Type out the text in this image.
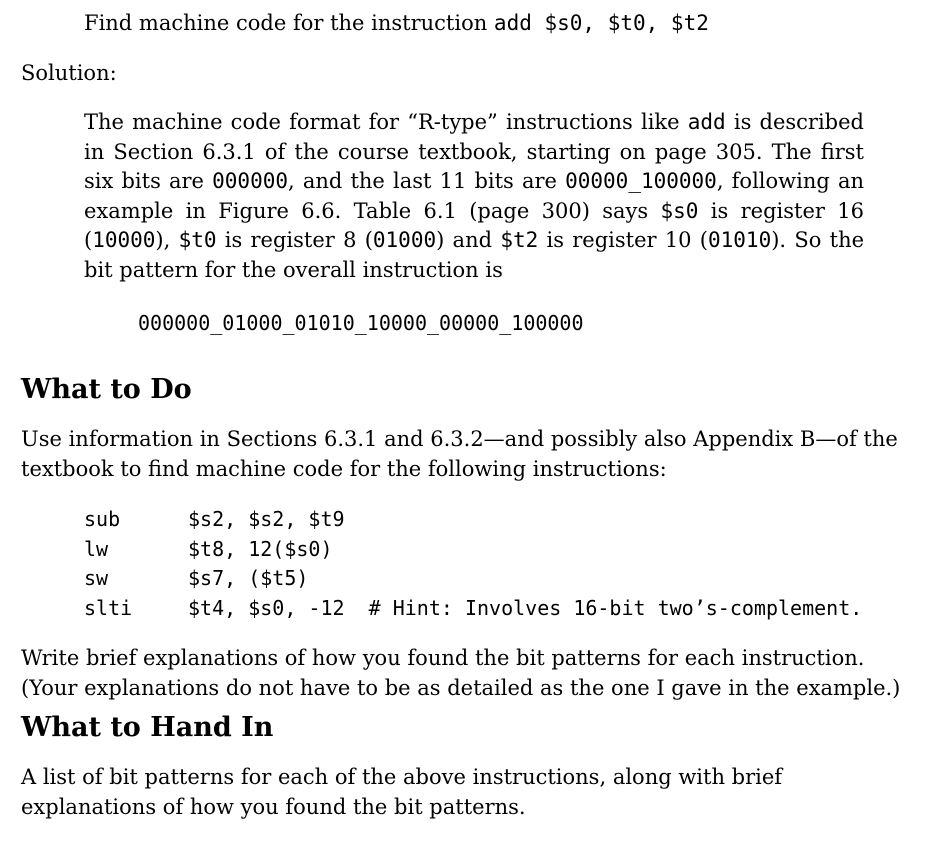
Find machine code for the instruction add $s0, $t0, $t2
Solution:

The machine code format for “R-type” instructions like add is described in Section 6.3.1 of the course textbook, starting on page 305. The first six bits are 000000, and the last 11 bits are 00000_100000, following an example in Figure 6.6. Table 6.1 (page 300) says $s0 is register 16 (10000), $t0 is register 8 (01000) and $t2 is register 10 (01010). So the bit pattern for the overall instruction is

000000_01000_01010_10000_00000_100000
What to Do

Use information in Sections 6.3.1 and 6.3.2—and possibly also Appendix B—of the textbook to find machine code for the following instructions:

sub	$s2, $s2, $t9
lw	$t8, 12($s0)
sw	$s7, ($t5)
slti	$t4, $s0, -12  # Hint: Involves 16-bit two’s-complement.

Write brief explanations of how you found the bit patterns for each instruction. (Your explanations do not have to be as detailed as the one I gave in the example.)

What to Hand In

A list of bit patterns for each of the above instructions, along with brief explanations of how you found the bit patterns.
